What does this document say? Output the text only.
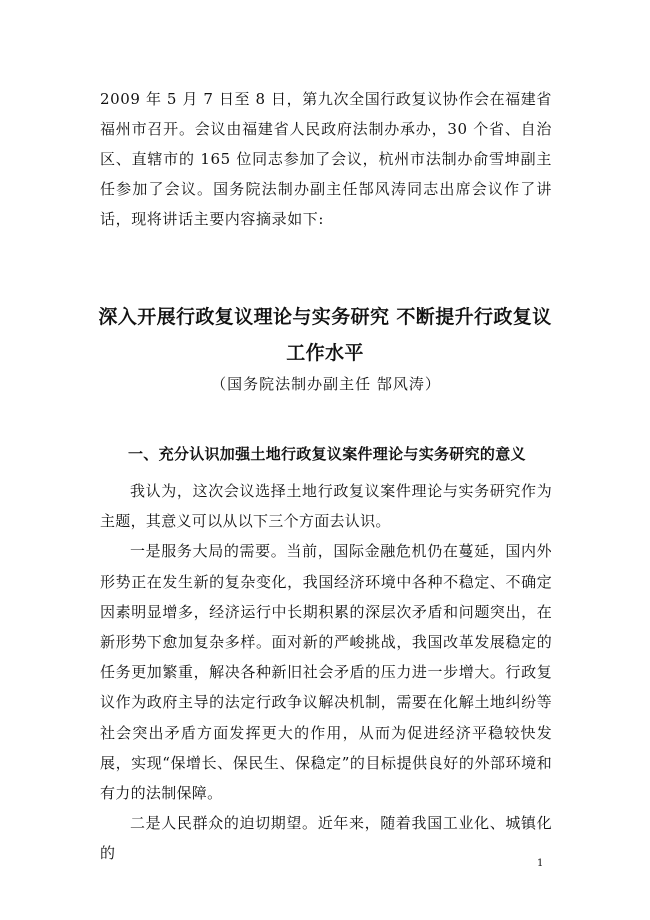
2009 年 5 月 7 日至 8 日，第九次全国行政复议协作会在福建省福州市召开。会议由福建省人民政府法制办承办，30 个省、自治区、直辖市的 165 位同志参加了会议，杭州市法制办俞雪坤副主任参加了会议。国务院法制办副主任郜风涛同志出席会议作了讲话，现将讲话主要内容摘录如下:

深入开展行政复议理论与实务研究 不断提升行政复议工作水平

（国务院法制办副主任 郜风涛）

一、充分认识加强土地行政复议案件理论与实务研究的意义

我认为，这次会议选择土地行政复议案件理论与实务研究作为主题，其意义可以从以下三个方面去认识。

一是服务大局的需要。当前，国际金融危机仍在蔓延，国内外形势正在发生新的复杂变化，我国经济环境中各种不稳定、不确定因素明显增多，经济运行中长期积累的深层次矛盾和问题突出，在新形势下愈加复杂多样。面对新的严峻挑战，我国改革发展稳定的任务更加繁重，解决各种新旧社会矛盾的压力进一步增大。行政复议作为政府主导的法定行政争议解决机制，需要在化解土地纠纷等社会突出矛盾方面发挥更大的作用，从而为促进经济平稳较快发展，实现“保增长、保民生、保稳定”的目标提供良好的外部环境和有力的法制保障。

二是人民群众的迫切期望。近年来，随着我国工业化、城镇化的

1
